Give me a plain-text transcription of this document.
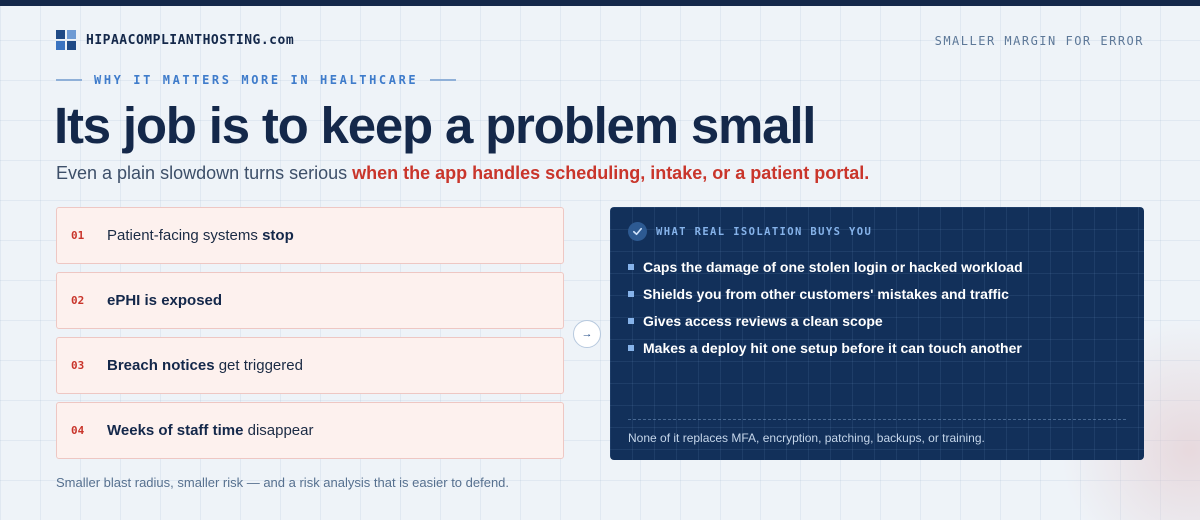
HIPAACOMPLIANTHOSTING.com	SMALLER MARGIN FOR ERROR
WHY IT MATTERS MORE IN HEALTHCARE
Its job is to keep a problem small

Even a plain slowdown turns serious when the app handles scheduling, intake, or a patient portal.

01	Patient-facing systems stop
02	ePHI is exposed
03	Breach notices get triggered
04	Weeks of staff time disappear
→

Smaller blast radius, smaller risk — and a risk analysis that is easier to defend.

WHAT REAL ISOLATION BUYS YOU
Caps the damage of one stolen login or hacked workload
Shields you from other customers' mistakes and traffic
Gives access reviews a clean scope
Makes a deploy hit one setup before it can touch another

None of it replaces MFA, encryption, patching, backups, or training.
